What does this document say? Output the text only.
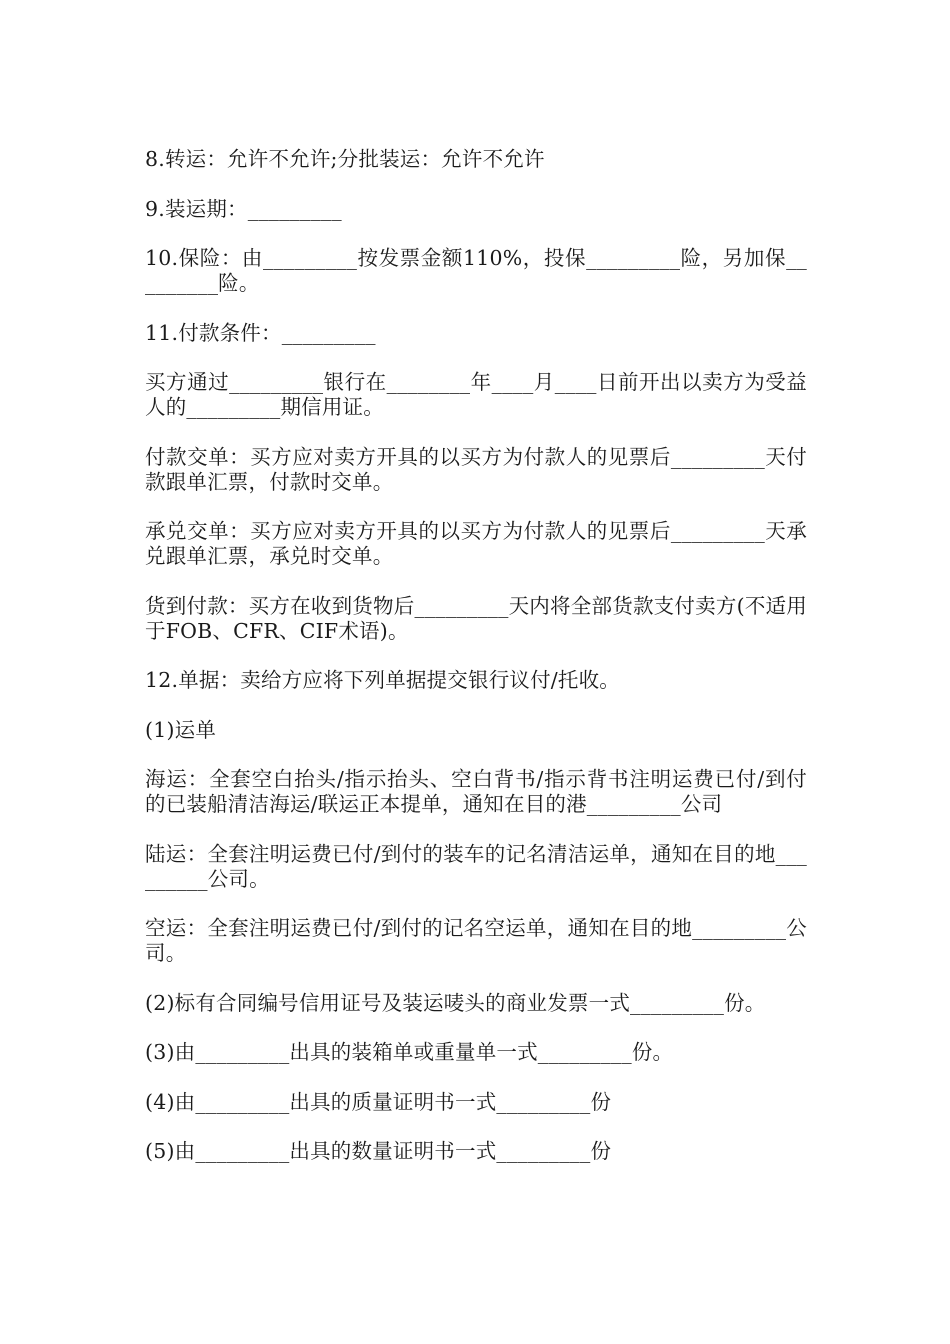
8.转运：允许不允许;分批装运：允许不允许

9.装运期：_________

10.保险：由_________按发票金额110%，投保_________险，另加保_________险。

11.付款条件：_________

买方通过_________银行在________年____月____日前开出以卖方为受益人的_________期信用证。

付款交单：买方应对卖方开具的以买方为付款人的见票后_________天付款跟单汇票，付款时交单。

承兑交单：买方应对卖方开具的以买方为付款人的见票后_________天承兑跟单汇票，承兑时交单。

货到付款：买方在收到货物后_________天内将全部货款支付卖方(不适用于FOB、CFR、CIF术语)。

12.单据：卖给方应将下列单据提交银行议付/托收。

(1)运单

海运：全套空白抬头/指示抬头、空白背书/指示背书注明运费已付/到付的已装船清洁海运/联运正本提单，通知在目的港_________公司

陆运：全套注明运费已付/到付的装车的记名清洁运单，通知在目的地_________公司。

空运：全套注明运费已付/到付的记名空运单，通知在目的地_________公司。

(2)标有合同编号信用证号及装运唛头的商业发票一式_________份。

(3)由_________出具的装箱单或重量单一式_________份。

(4)由_________出具的质量证明书一式_________份

(5)由_________出具的数量证明书一式_________份
